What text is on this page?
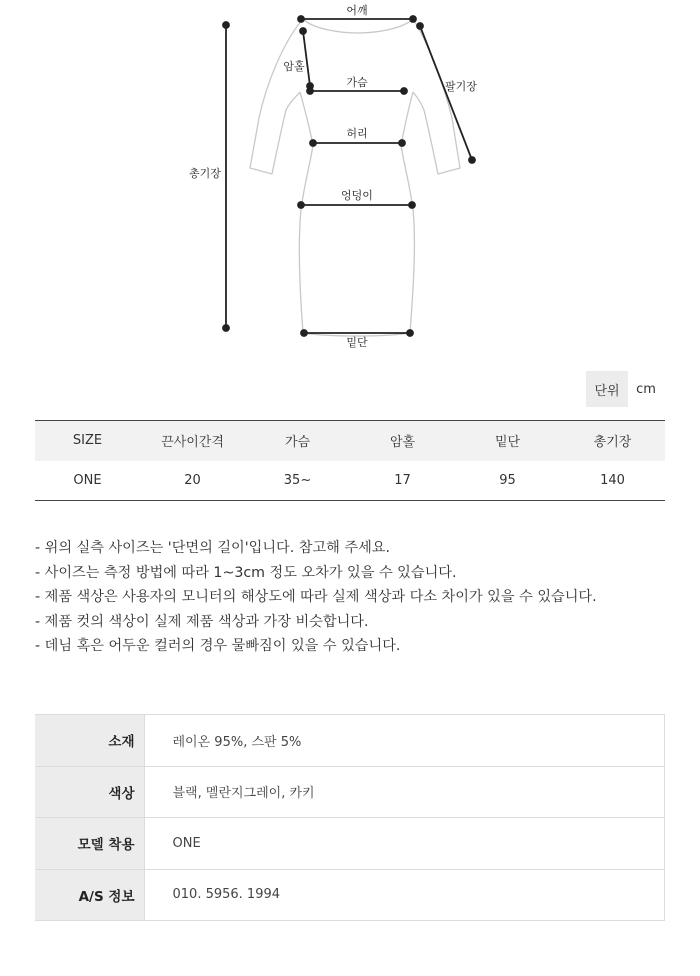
어깨
암홀
가슴	팔기장
허리
총기장
엉덩이
밑단
단위	cm
SIZE	끈사이간격	가슴	암홀	밑단	총기장
ONE	20	35~	17	95	140

- 위의 실측 사이즈는 '단면의 길이'입니다. 참고해 주세요.

- 사이즈는 측정 방법에 따라 1~3cm 정도 오차가 있을 수 있습니다.

- 제품 색상은 사용자의 모니터의 해상도에 따라 실제 색상과 다소 차이가 있을 수 있습니다.

- 제품 컷의 색상이 실제 제품 색상과 가장 비슷합니다.

- 데님 혹은 어두운 컬러의 경우 물빠짐이 있을 수 있습니다.

소재	레이온 95%, 스판 5%
색상	블랙, 멜란지그레이, 카키
모델 착용	ONE
A/S 정보	010. 5956. 1994
